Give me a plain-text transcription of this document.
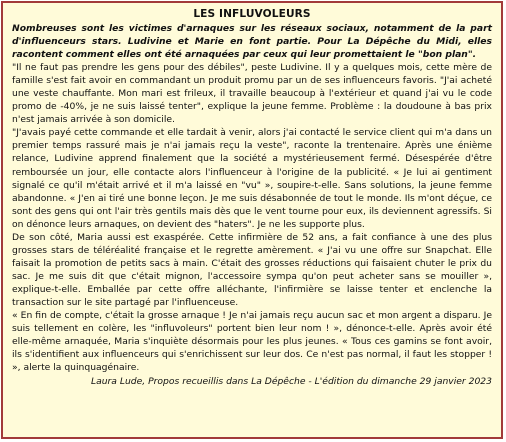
LES INFLUVOLEURS

Nombreuses sont les victimes d'arnaques sur les réseaux sociaux, notamment de la part d'influenceurs stars. Ludivine et Marie en font partie. Pour La Dépêche du Midi, elles racontent comment elles ont été arnaquées par ceux qui leur promettaient le "bon plan".

"Il ne faut pas prendre les gens pour des débiles", peste Ludivine. Il y a quelques mois, cette mère de famille s'est fait avoir en commandant un produit promu par un de ses influenceurs favoris. "J'ai acheté une veste chauffante. Mon mari est frileux, il travaille beaucoup à l'extérieur et quand j'ai vu le code promo de -40%, je ne suis laissé tenter", explique la jeune femme. Problème : la doudoune à bas prix n'est jamais arrivée à son domicile.

"J'avais payé cette commande et elle tardait à venir, alors j'ai contacté le service client qui m'a dans un premier temps rassuré mais je n'ai jamais reçu la veste", raconte la trentenaire. Après une énième relance, Ludivine apprend finalement que la société a mystérieusement fermé. Désespérée d'être remboursée un jour, elle contacte alors l'influenceur à l'origine de la publicité. « Je lui ai gentiment signalé ce qu'il m'était arrivé et il m'a laissé en "vu" », soupire-t-elle. Sans solutions, la jeune femme abandonne. « J'en ai tiré une bonne leçon. Je me suis désabonnée de tout le monde. Ils m'ont déçue, ce sont des gens qui ont l'air très gentils mais dès que le vent tourne pour eux, ils deviennent agressifs. Si on dénonce leurs arnaques, on devient des "haters". Je ne les supporte plus.

De son côté, Maria aussi est exaspérée. Cette infirmière de 52 ans, a fait confiance à une des plus grosses stars de téléréalité française et le regrette amèrement. « J'ai vu une offre sur Snapchat. Elle faisait la promotion de petits sacs à main. C'était des grosses réductions qui faisaient chuter le prix du sac. Je me suis dit que c'était mignon, l'accessoire sympa qu'on peut acheter sans se mouiller », explique-t-elle. Emballée par cette offre alléchante, l'infirmière se laisse tenter et enclenche la transaction sur le site partagé par l'influenceuse.

« En fin de compte, c'était la grosse arnaque ! Je n'ai jamais reçu aucun sac et mon argent a disparu. Je suis tellement en colère, les "influvoleurs" portent bien leur nom ! », dénonce-t-elle. Après avoir été elle-même arnaquée, Maria s'inquiète désormais pour les plus jeunes. « Tous ces gamins se font avoir, ils s'identifient aux influenceurs qui s'enrichissent sur leur dos. Ce n'est pas normal, il faut les stopper ! », alerte la quinquagénaire.

Laura Lude, Propos recueillis dans La Dépêche - L'édition du dimanche 29 janvier 2023
